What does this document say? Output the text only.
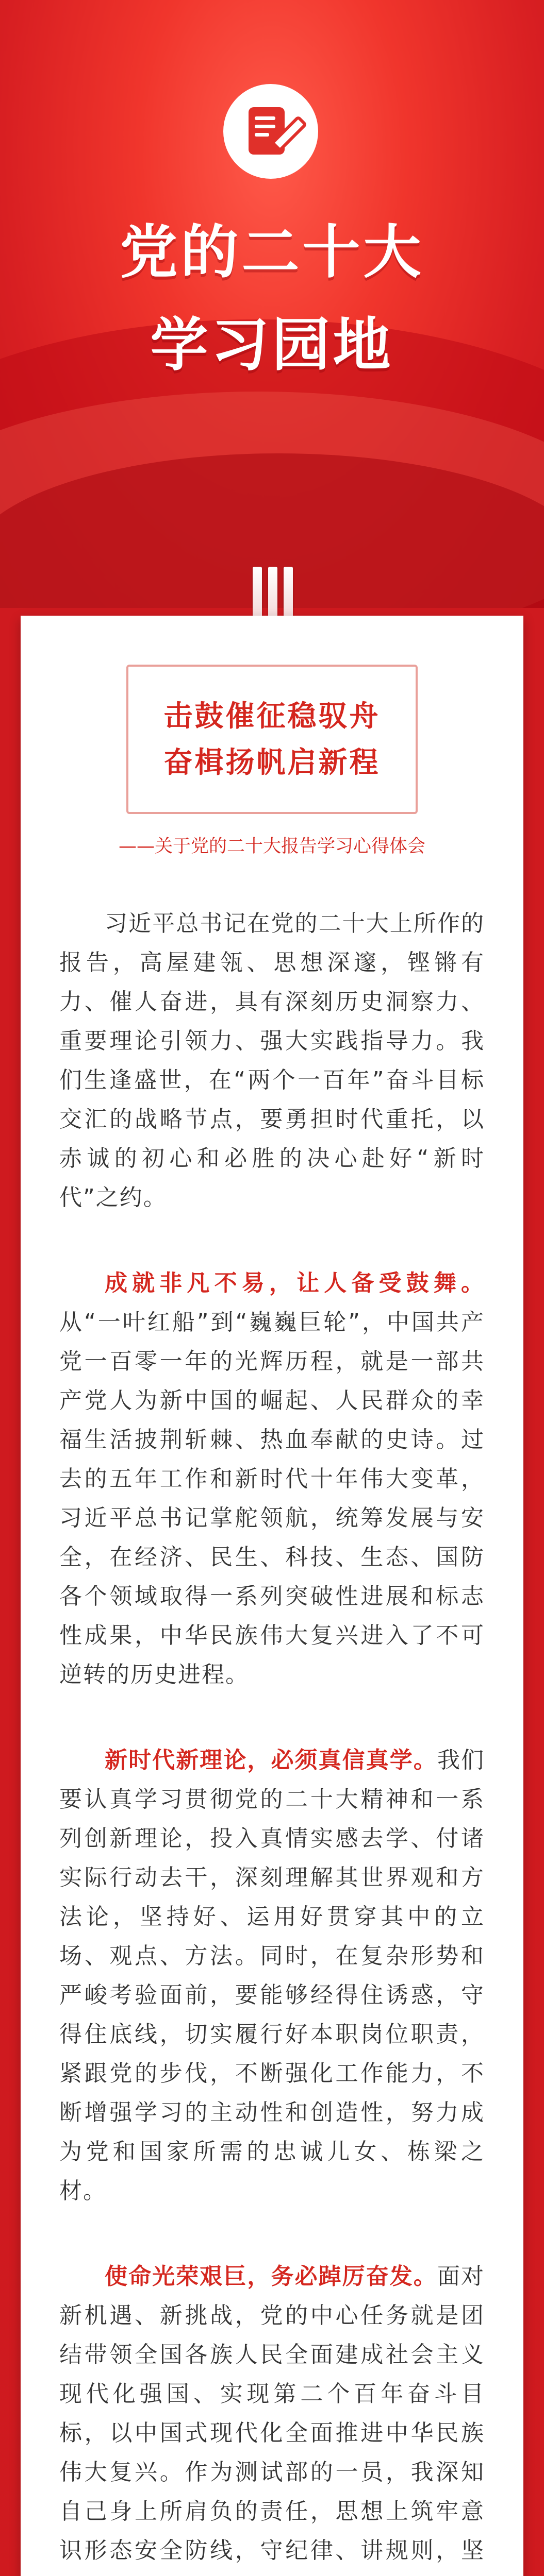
党的二十大
学习园地

击鼓催征稳驭舟

奋楫扬帆启新程

——关于党的二十大报告学习心得体会

习近平总书记在党的二十大上所作的报告，高屋建瓴、思想深邃，铿锵有力、催人奋进，具有深刻历史洞察力、重要理论引领力、强大实践指导力。我们生逢盛世，在“两个一百年”奋斗目标交汇的战略节点，要勇担时代重托，以赤诚的初心和必胜的决心赴好“新时代”之约。

成就非凡不易，让人备受鼓舞。从“一叶红船”到“巍巍巨轮”，中国共产党一百零一年的光辉历程，就是一部共产党人为新中国的崛起、人民群众的幸福生活披荆斩棘、热血奉献的史诗。过去的五年工作和新时代十年伟大变革，习近平总书记掌舵领航，统筹发展与安全，在经济、民生、科技、生态、国防各个领域取得一系列突破性进展和标志性成果，中华民族伟大复兴进入了不可逆转的历史进程。

新时代新理论，必须真信真学。我们要认真学习贯彻党的二十大精神和一系列创新理论，投入真情实感去学、付诸实际行动去干，深刻理解其世界观和方法论，坚持好、运用好贯穿其中的立场、观点、方法。同时，在复杂形势和严峻考验面前，要能够经得住诱惑，守得住底线，切实履行好本职岗位职责，紧跟党的步伐，不断强化工作能力，不断增强学习的主动性和创造性，努力成为党和国家所需的忠诚儿女、栋梁之材。

使命光荣艰巨，务必踔厉奋发。面对新机遇、新挑战，党的中心任务就是团结带领全国各族人民全面建成社会主义现代化强国、实现第二个百年奋斗目标，以中国式现代化全面推进中华民族伟大复兴。作为测试部的一员，我深知自己身上所肩负的责任，思想上筑牢意识形态安全防线，守纪律、讲规则，坚
